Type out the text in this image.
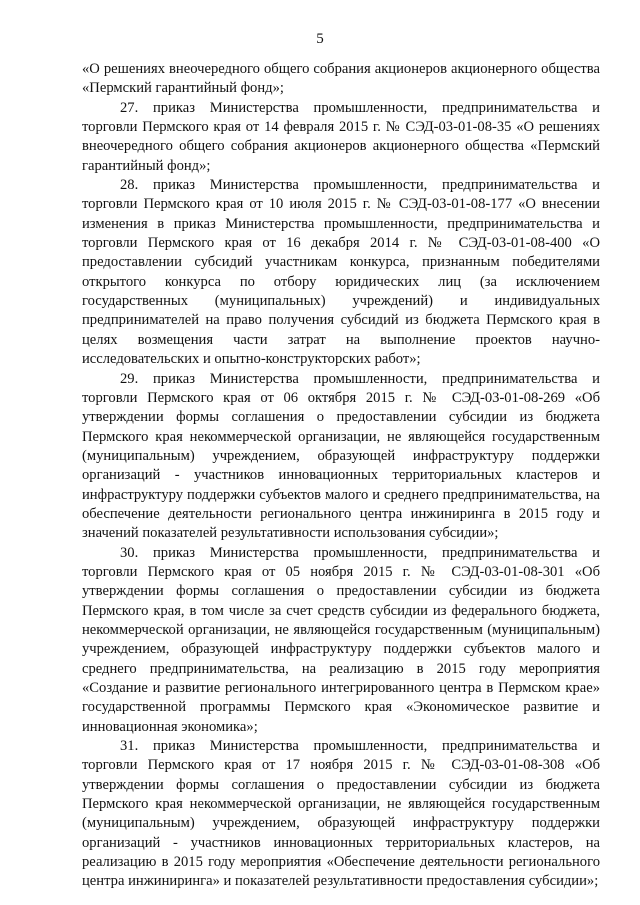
5

«О решениях внеочередного общего собрания акционеров акционерного общества «Пермский гарантийный фонд»;

27. приказ Министерства промышленности, предпринимательства и торговли Пермского края от 14 февраля 2015 г. № СЭД-03-01-08-35 «О решениях внеочередного общего собрания акционеров акционерного общества «Пермский гарантийный фонд»;

28. приказ Министерства промышленности, предпринимательства и торговли Пермского края от 10 июля 2015 г. № СЭД-03-01-08-177 «О внесении изменения в приказ Министерства промышленности, предпринимательства и торговли Пермского края от 16 декабря 2014 г. № СЭД-03-01-08-400 «О предоставлении субсидий участникам конкурса, признанным победителями открытого конкурса по отбору юридических лиц (за исключением государственных (муниципальных) учреждений) и индивидуальных предпринимателей на право получения субсидий из бюджета Пермского края в целях возмещения части затрат на выполнение проектов научно-исследовательских и опытно-конструкторских работ»;

29. приказ Министерства промышленности, предпринимательства и торговли Пермского края от 06 октября 2015 г. № СЭД-03-01-08-269 «Об утверждении формы соглашения о предоставлении субсидии из бюджета Пермского края некоммерческой организации, не являющейся государственным (муниципальным) учреждением, образующей инфраструктуру поддержки организаций - участников инновационных территориальных кластеров и инфраструктуру поддержки субъектов малого и среднего предпринимательства, на обеспечение деятельности регионального центра инжиниринга в 2015 году и значений показателей результативности использования субсидии»;

30. приказ Министерства промышленности, предпринимательства и торговли Пермского края от 05 ноября 2015 г. № СЭД-03-01-08-301 «Об утверждении формы соглашения о предоставлении субсидии из бюджета Пермского края, в том числе за счет средств субсидии из федерального бюджета, некоммерческой организации, не являющейся государственным (муниципальным) учреждением, образующей инфраструктуру поддержки субъектов малого и среднего предпринимательства, на реализацию в 2015 году мероприятия «Создание и развитие регионального интегрированного центра в Пермском крае» государственной программы Пермского края «Экономическое развитие и инновационная экономика»;

31. приказ Министерства промышленности, предпринимательства и торговли Пермского края от 17 ноября 2015 г. № СЭД-03-01-08-308 «Об утверждении формы соглашения о предоставлении субсидии из бюджета Пермского края некоммерческой организации, не являющейся государственным (муниципальным) учреждением, образующей инфраструктуру поддержки организаций - участников инновационных территориальных кластеров, на реализацию в 2015 году мероприятия «Обеспечение деятельности регионального центра инжиниринга» и показателей результативности предоставления субсидии»;
